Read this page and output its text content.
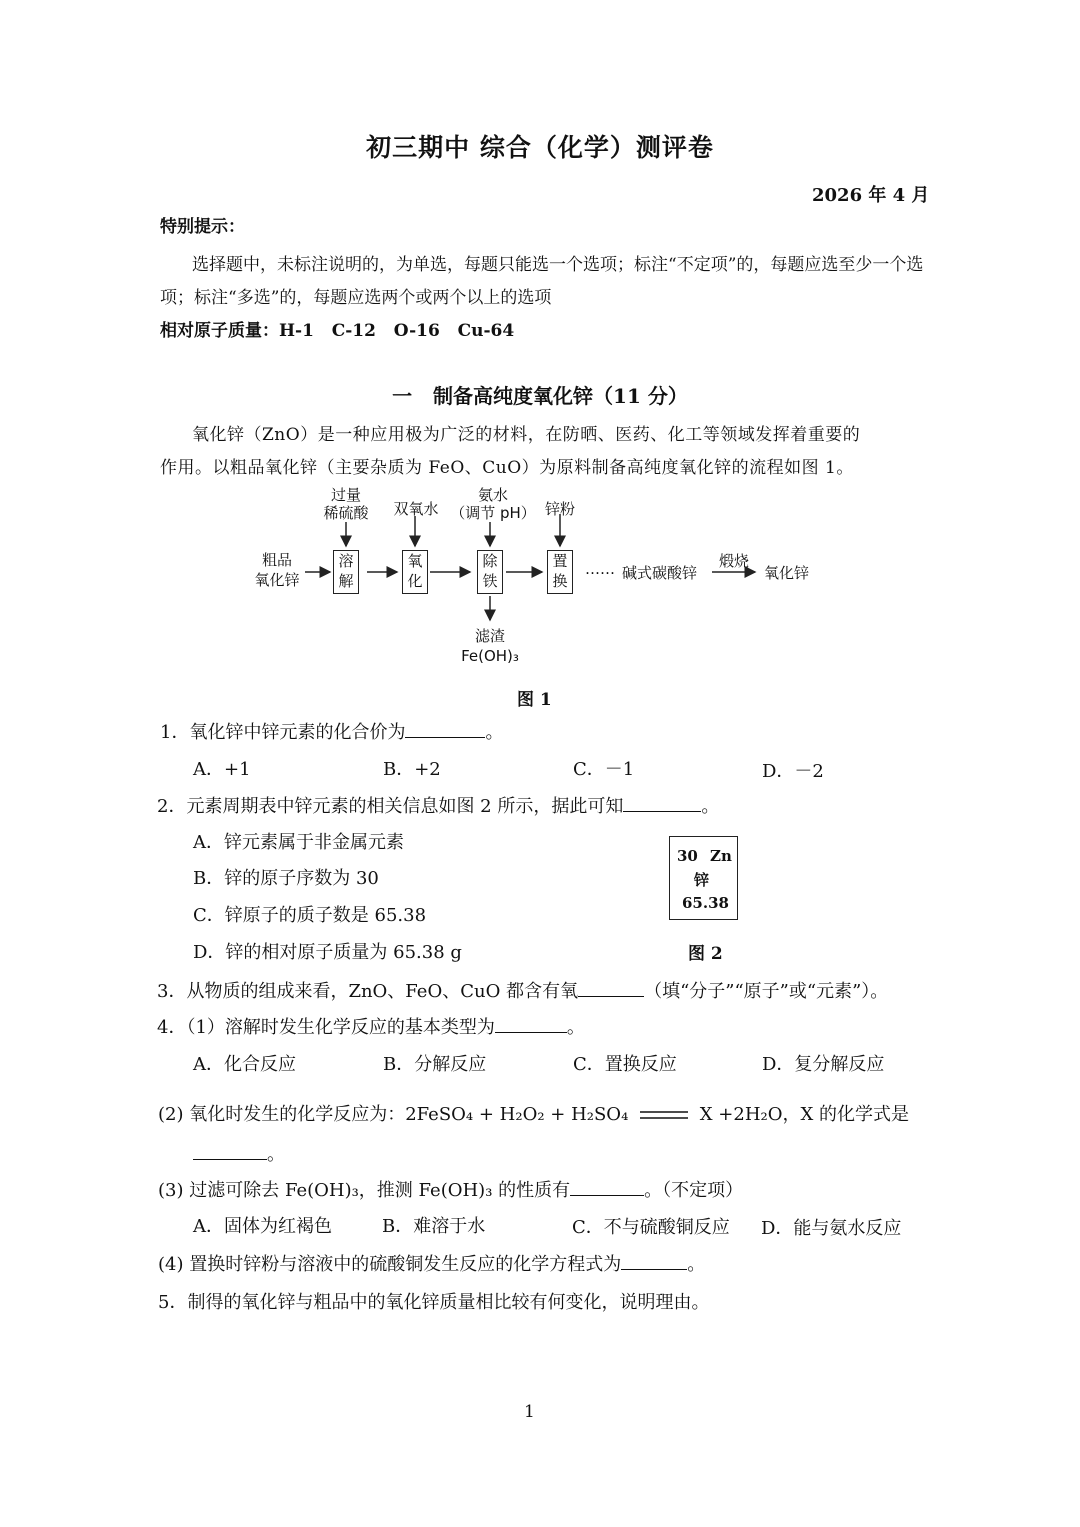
初三期中 综合（化学）测评卷
2026 年 4 月
特别提示：
选择题中，未标注说明的，为单选，每题只能选一个选项；标注“不定项”的，每题应选至少一个选
项；标注“多选”的，每题应选两个或两个以上的选项
相对原子质量：H-1   C-12   O-16   Cu-64
一   制备高纯度氧化锌（11 分）
氧化锌（ZnO）是一种应用极为广泛的材料，在防晒、医药、化工等领域发挥着重要的
作用。以粗品氧化锌（主要杂质为 FeO、CuO）为原料制备高纯度氧化锌的流程如图 1。
粗品
氧化锌
过量
稀硫酸
溶
解
双氧水
氧
化
氨水
（调节 pH）
除
铁
锌粉
置
换
…… 碱式碳酸锌
煅烧
氧化锌
滤渣
Fe(OH)₃
图 1
1．氧化锌中锌元素的化合价为	。
A．+1	B．+2	C．－1	D．－2
2．元素周期表中锌元素的相关信息如图 2 所示，据此可知	。
A．锌元素属于非金属元素
B．锌的原子序数为 30
C．锌原子的质子数是 65.38
D．锌的相对原子质量为 65.38 g
30 Zn
锌
65.38
图 2
3．从物质的组成来看，ZnO、FeO、CuO 都含有氧	（填“分子”“原子”或“元素”）。
4．（1）溶解时发生化学反应的基本类型为	。
A．化合反应	B．分解反应	C．置换反应	D．复分解反应
(2) 氧化时发生的化学反应为：2FeSO₄ + H₂O₂ + H₂SO₄	X +2H₂O，X 的化学式是
。
(3) 过滤可除去 Fe(OH)₃，推测 Fe(OH)₃ 的性质有	。（不定项）
A．固体为红褐色	B．难溶于水	C．不与硫酸铜反应 D．能与氨水反应
(4) 置换时锌粉与溶液中的硫酸铜发生反应的化学方程式为	。
5．制得的氧化锌与粗品中的氧化锌质量相比较有何变化，说明理由。
1
